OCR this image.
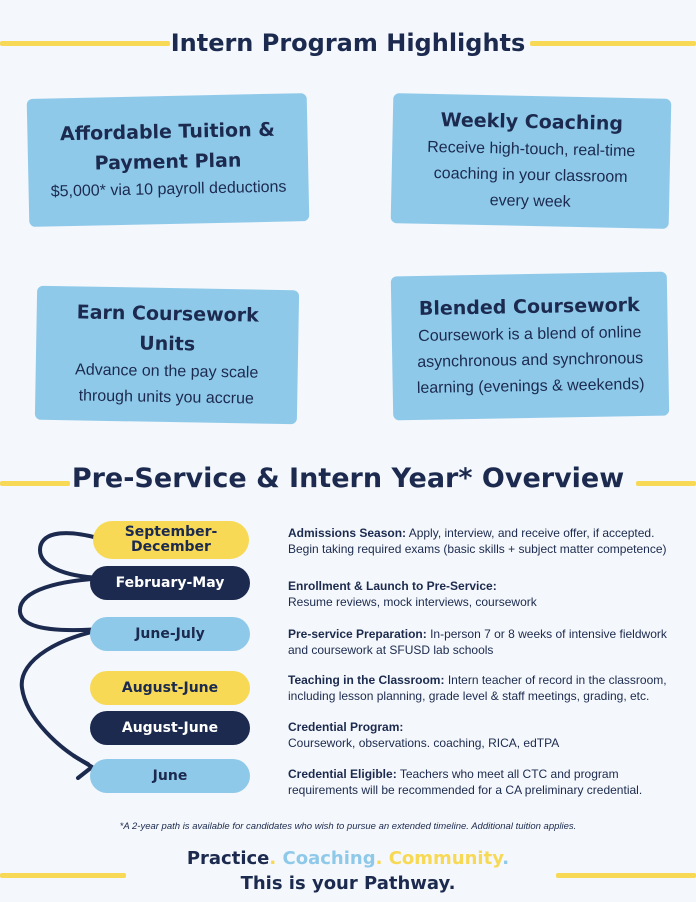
Intern Program Highlights

Affordable Tuition & Payment Plan

$5,000* via 10 payroll deductions

Weekly Coaching

Receive high-touch, real-time coaching in your classroom every week

Earn Coursework Units

Advance on the pay scale through units you accrue

Blended Coursework

Coursework is a blend of online asynchronous and synchronous learning (evenings & weekends)

Pre-Service & Intern Year* Overview
September-December
February-May
June-July
August-June
August-June
June
Admissions Season: Apply, interview, and receive offer, if accepted. Begin taking required exams (basic skills + subject matter competence)
Enrollment & Launch to Pre-Service:
Resume reviews, mock interviews, coursework
Pre-service Preparation: In-person 7 or 8 weeks of intensive fieldwork and coursework at SFUSD lab schools
Teaching in the Classroom: Intern teacher of record in the classroom, including lesson planning, grade level & staff meetings, grading, etc.
Credential Program:
Coursework, observations. coaching, RICA, edTPA
Credential Eligible: Teachers who meet all CTC and program requirements will be recommended for a CA preliminary credential.
*A 2-year path is available for candidates who wish to pursue an extended timeline. Additional tuition applies.
Practice. Coaching. Community.
This is your Pathway.
